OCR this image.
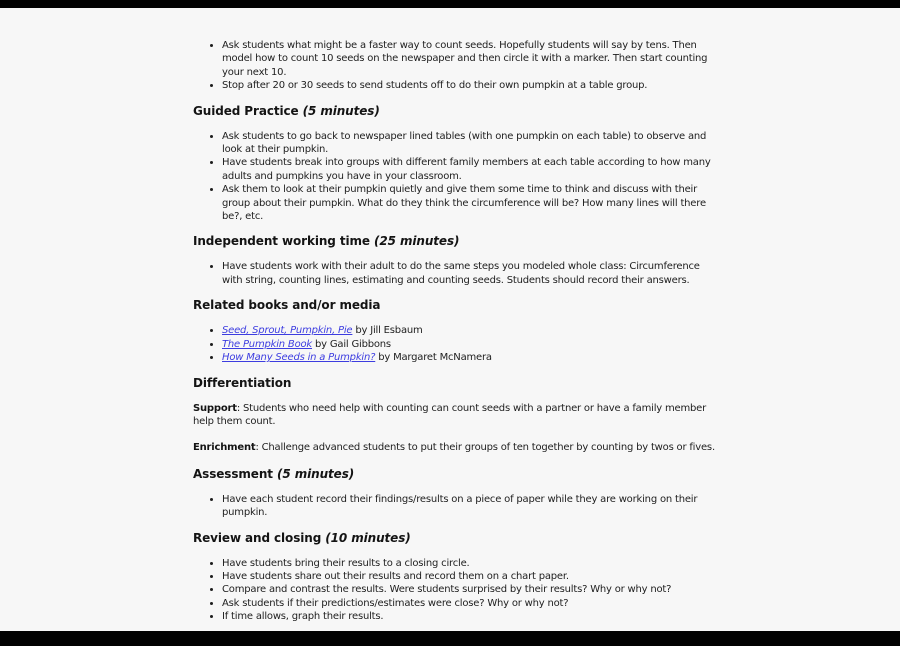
• Ask students what might be a faster way to count seeds. Hopefully students will say by tens. Then model how to count 10 seeds on the newspaper and then circle it with a marker. Then start counting your next 10.
• Stop after 20 or 30 seeds to send students off to do their own pumpkin at a table group.
Guided Practice (5 minutes)
• Ask students to go back to newspaper lined tables (with one pumpkin on each table) to observe and look at their pumpkin.
• Have students break into groups with different family members at each table according to how many adults and pumpkins you have in your classroom.
• Ask them to look at their pumpkin quietly and give them some time to think and discuss with their group about their pumpkin. What do they think the circumference will be? How many lines will there be?, etc.
Independent working time (25 minutes)
• Have students work with their adult to do the same steps you modeled whole class: Circumference with string, counting lines, estimating and counting seeds. Students should record their answers.
Related books and/or media
• Seed, Sprout, Pumpkin, Pie by Jill Esbaum
• The Pumpkin Book by Gail Gibbons
• How Many Seeds in a Pumpkin? by Margaret McNamera
Differentiation

Support: Students who need help with counting can count seeds with a partner or have a family member help them count.

Enrichment: Challenge advanced students to put their groups of ten together by counting by twos or fives.

Assessment (5 minutes)
• Have each student record their findings/results on a piece of paper while they are working on their pumpkin.
Review and closing (10 minutes)
• Have students bring their results to a closing circle.
• Have students share out their results and record them on a chart paper.
• Compare and contrast the results. Were students surprised by their results? Why or why not?
• Ask students if their predictions/estimates were close? Why or why not?
• If time allows, graph their results.
